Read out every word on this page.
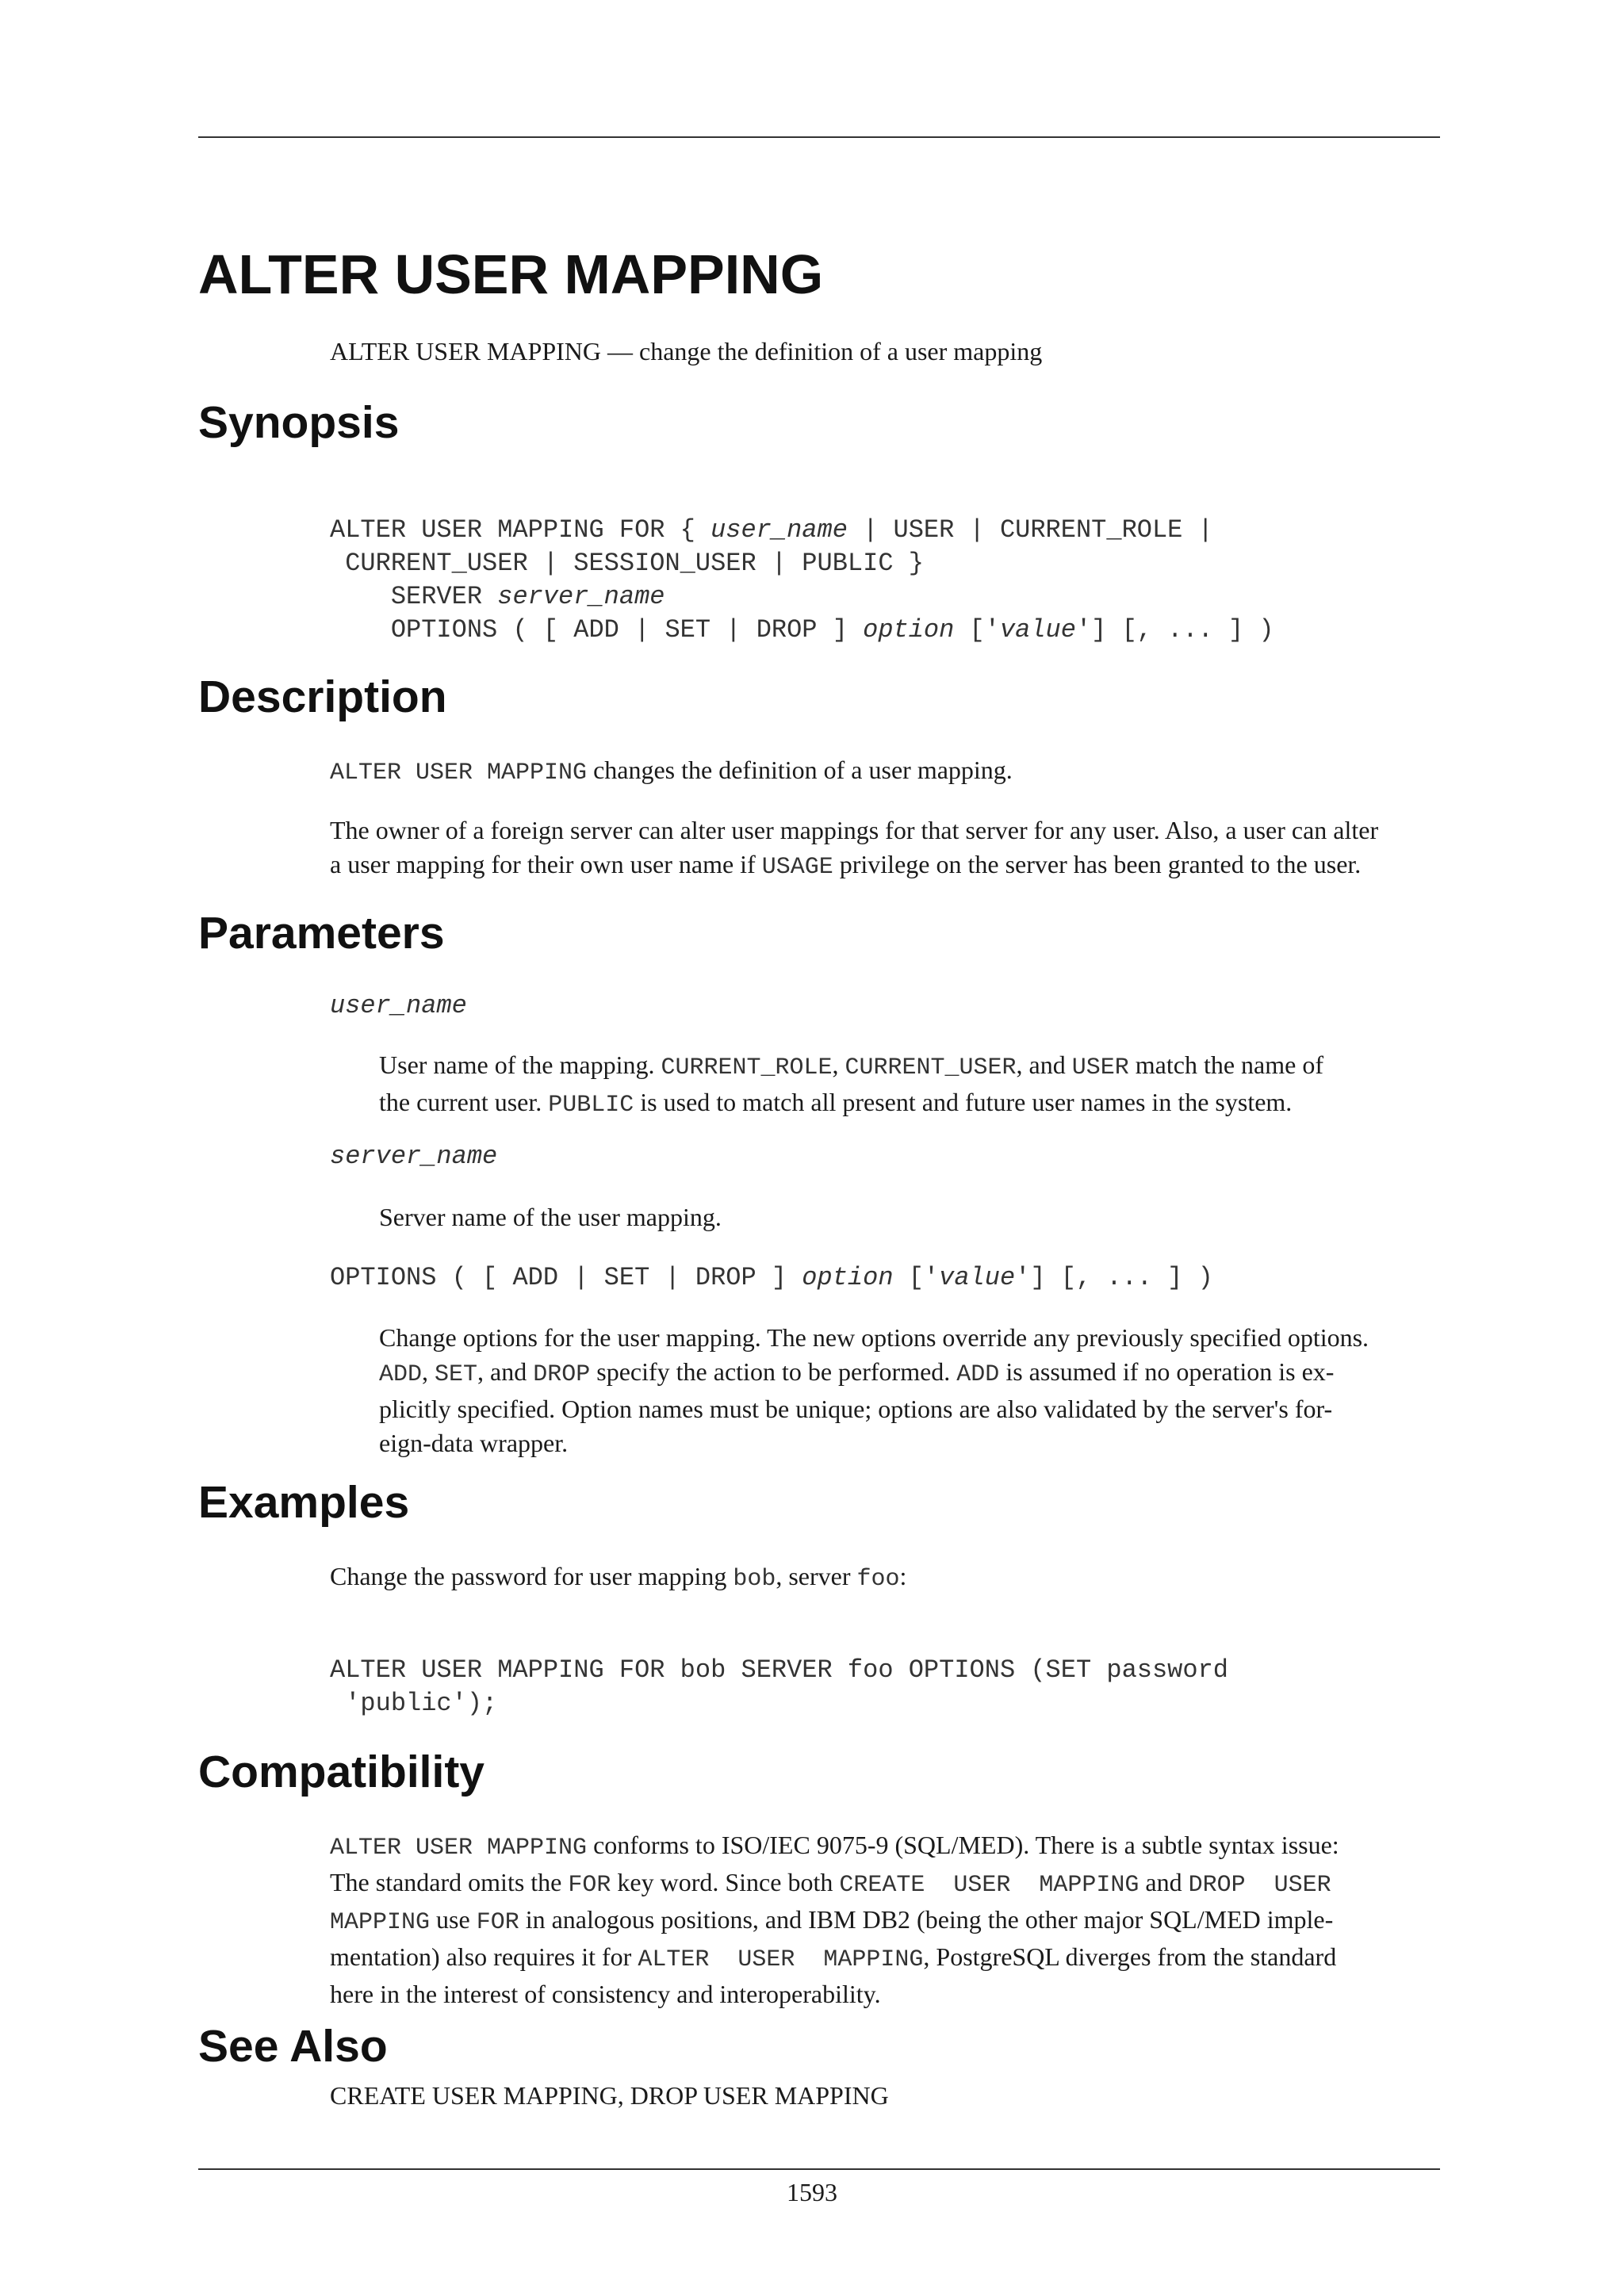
ALTER USER MAPPING

ALTER USER MAPPING — change the definition of a user mapping

Synopsis
ALTER USER MAPPING FOR { user_name | USER | CURRENT_ROLE |
CURRENT_USER | SESSION_USER | PUBLIC }
SERVER server_name
OPTIONS ( [ ADD | SET | DROP ] option ['value'] [, ... ] )
Description

ALTER USER MAPPING changes the definition of a user mapping.

The owner of a foreign server can alter user mappings for that server for any user. Also, a user can alter
a user mapping for their own user name if USAGE privilege on the server has been granted to the user.
Parameters
user_name
User name of the mapping. CURRENT_ROLE, CURRENT_USER, and USER match the name of
the current user. PUBLIC is used to match all present and future user names in the system.
server_name

Server name of the user mapping.

OPTIONS ( [ ADD | SET | DROP ] option ['value'] [, ... ] )
Change options for the user mapping. The new options override any previously specified options.
ADD, SET, and DROP specify the action to be performed. ADD is assumed if no operation is ex-
plicitly specified. Option names must be unique; options are also validated by the server's for-
eign-data wrapper.
Examples

Change the password for user mapping bob, server foo:

ALTER USER MAPPING FOR bob SERVER foo OPTIONS (SET password
'public');
Compatibility
ALTER USER MAPPING conforms to ISO/IEC 9075-9 (SQL/MED). There is a subtle syntax issue:
The standard omits the FOR key word. Since both CREATE  USER  MAPPING and DROP  USER
MAPPING use FOR in analogous positions, and IBM DB2 (being the other major SQL/MED imple-
mentation) also requires it for ALTER  USER  MAPPING, PostgreSQL diverges from the standard
here in the interest of consistency and interoperability.
See Also

CREATE USER MAPPING, DROP USER MAPPING

1593
